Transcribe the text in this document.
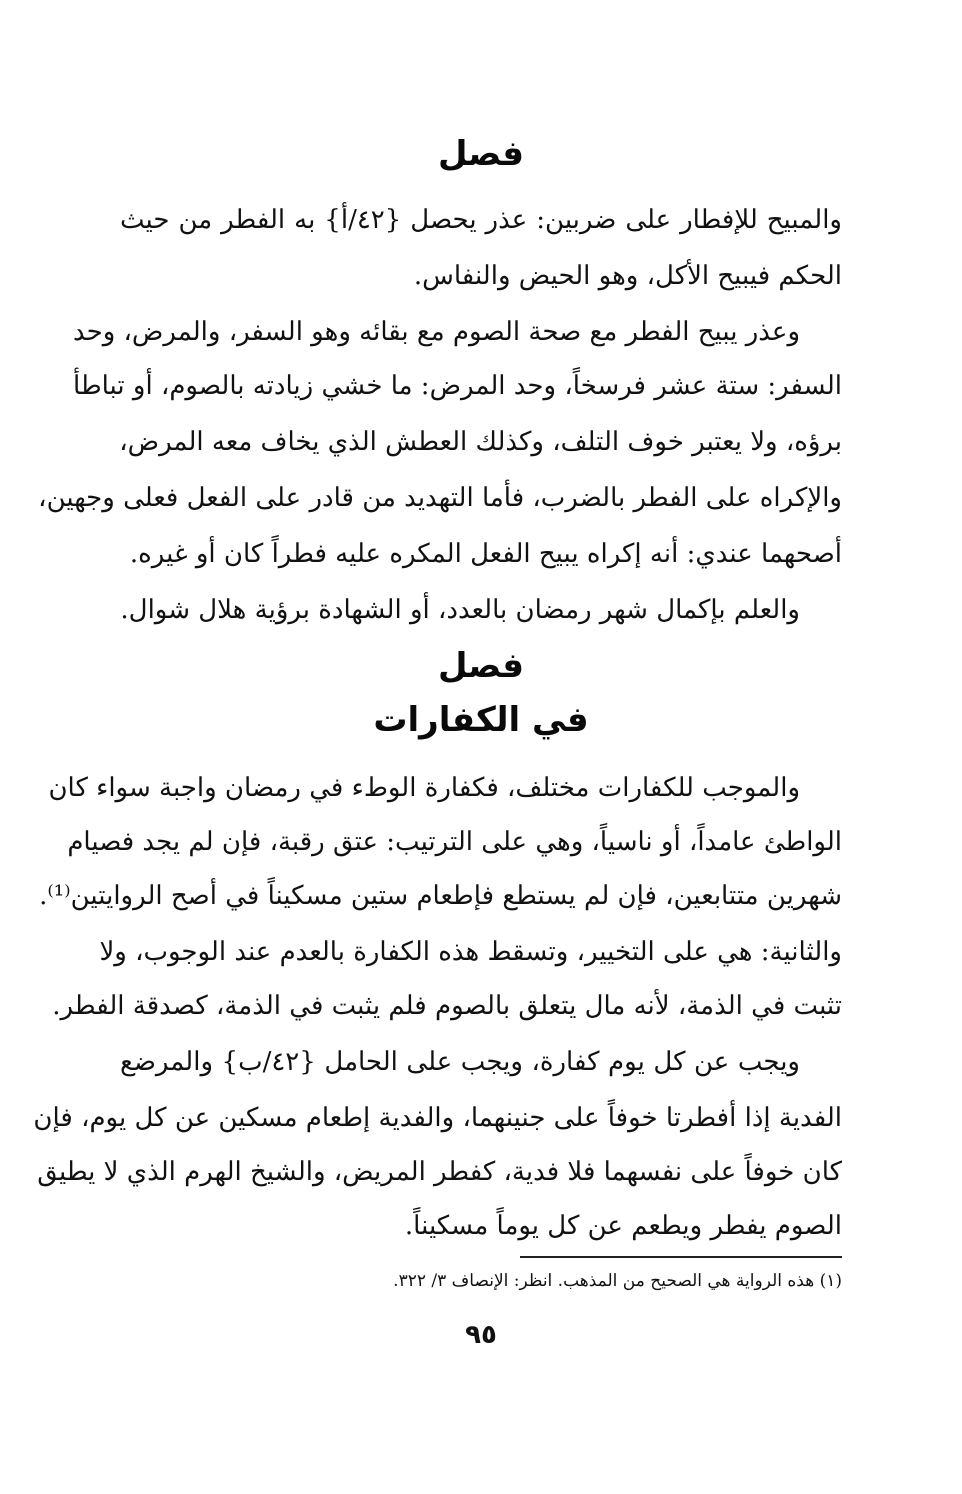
فصل
والمبيح للإفطار على ضربين: عذر يحصل {٤٢/أ} به الفطر من حيث
الحكم فيبيح الأكل، وهو الحيض والنفاس.
وعذر يبيح الفطر مع صحة الصوم مع بقائه وهو السفر، والمرض، وحد
السفر: ستة عشر فرسخاً، وحد المرض: ما خشي زيادته بالصوم، أو تباطأ
برؤه، ولا يعتبر خوف التلف، وكذلك العطش الذي يخاف معه المرض،
والإكراه على الفطر بالضرب، فأما التهديد من قادر على الفعل فعلى وجهين،
أصحهما عندي: أنه إكراه يبيح الفعل المكره عليه فطراً كان أو غيره.
والعلم بإكمال شهر رمضان بالعدد، أو الشهادة برؤية هلال شوال.
فصل
في الكفارات
والموجب للكفارات مختلف، فكفارة الوطء في رمضان واجبة سواء كان
الواطئ عامداً، أو ناسياً، وهي على الترتيب: عتق رقبة، فإن لم يجد فصيام
شهرين متتابعين، فإن لم يستطع فإطعام ستين مسكيناً في أصح الروايتين⁽¹⁾.
والثانية: هي على التخيير، وتسقط هذه الكفارة بالعدم عند الوجوب، ولا
تثبت في الذمة، لأنه مال يتعلق بالصوم فلم يثبت في الذمة، كصدقة الفطر.
ويجب عن كل يوم كفارة، ويجب على الحامل {٤٢/ب} والمرضع
الفدية إذا أفطرتا خوفاً على جنينهما، والفدية إطعام مسكين عن كل يوم، فإن
كان خوفاً على نفسهما فلا فدية، كفطر المريض، والشيخ الهرم الذي لا يطيق
الصوم يفطر ويطعم عن كل يوماً مسكيناً.
(١) هذه الرواية هي الصحيح من المذهب. انظر: الإنصاف ٣/ ٣٢٢.
٩٥
